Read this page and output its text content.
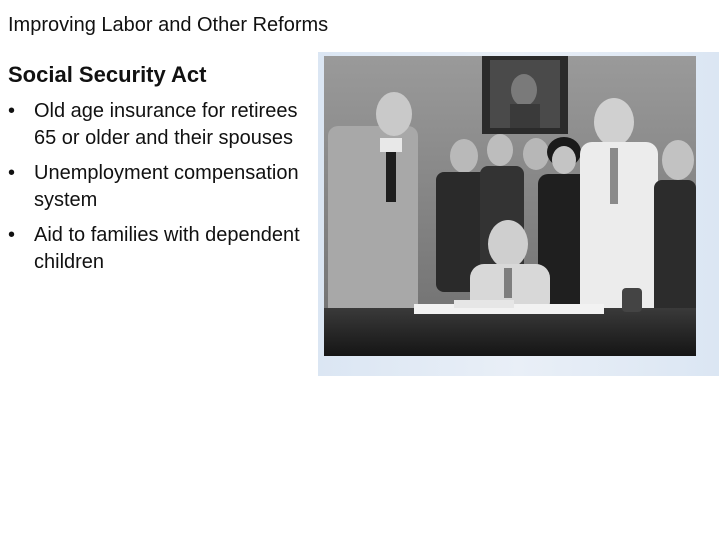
Improving Labor and Other Reforms
Social Security Act
• Old age insurance for retirees 65 or older and their spouses
• Unemployment compensation system
• Aid to families with dependent children
